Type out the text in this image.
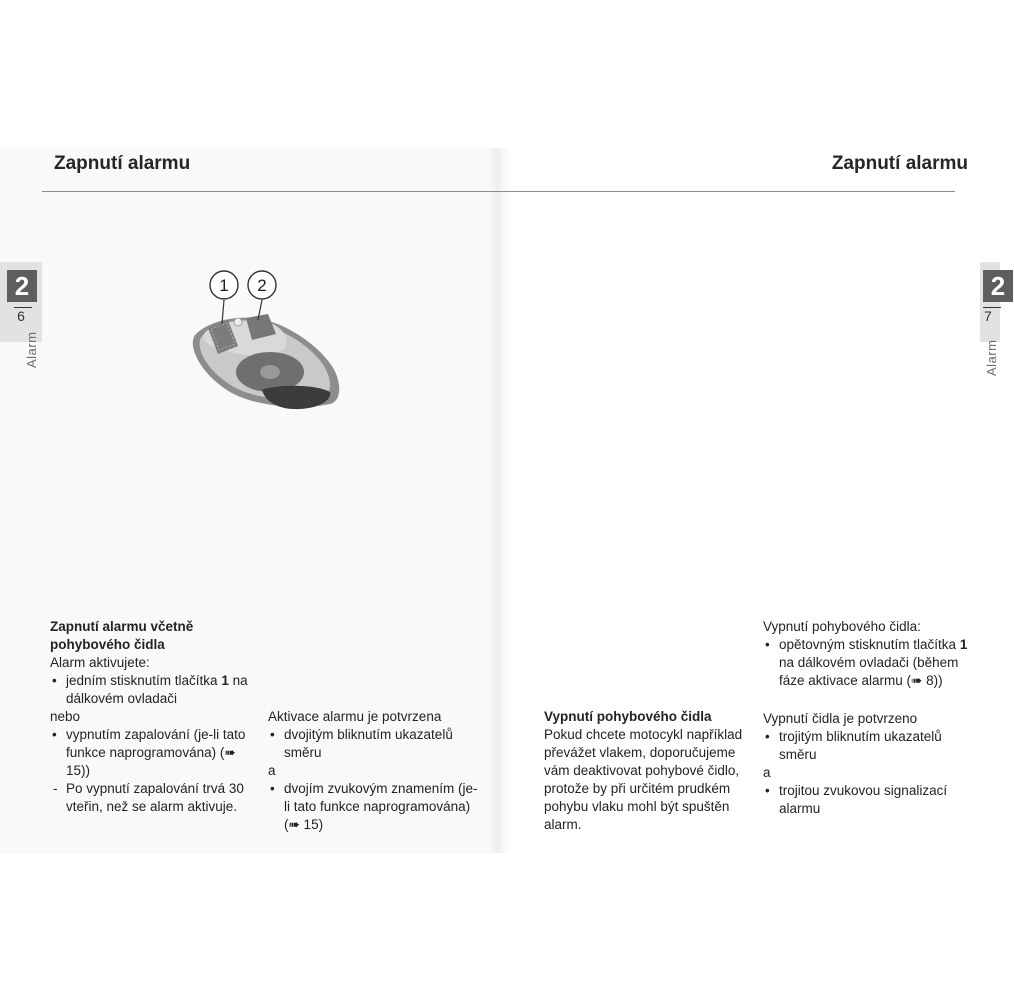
Zapnutí alarmu	Zapnutí alarmu
2
6
Alarm
2
7
Alarm
1 2

Zapnutí alarmu včetně pohybového čidla

Alarm aktivujete:

• jedním stisknutím tlačítka 1 na dálkovém ovladači

nebo

• vypnutím zapalování (je-li tato funkce naprogramována) (➠ 15))

- Po vypnutí zapalování trvá 30 vteřin, než se alarm aktivuje.

Aktivace alarmu je potvrzena

• dvojitým bliknutím ukazatelů směru

a

• dvojím zvukovým znamením (je-li tato funkce naprogramována) (➠ 15)

Vypnutí pohybového čidla

Pokud chcete motocykl například převážet vlakem, doporučujeme vám deaktivovat pohybové čidlo, protože by při určitém prudkém pohybu vlaku mohl být spuštěn alarm.

Vypnutí pohybového čidla:

• opětovným stisknutím tlačítka 1 na dálkovém ovladači (během fáze aktivace alarmu (➠ 8))

Vypnutí čidla je potvrzeno

• trojitým bliknutím ukazatelů směru

a

• trojitou zvukovou signalizací alarmu
